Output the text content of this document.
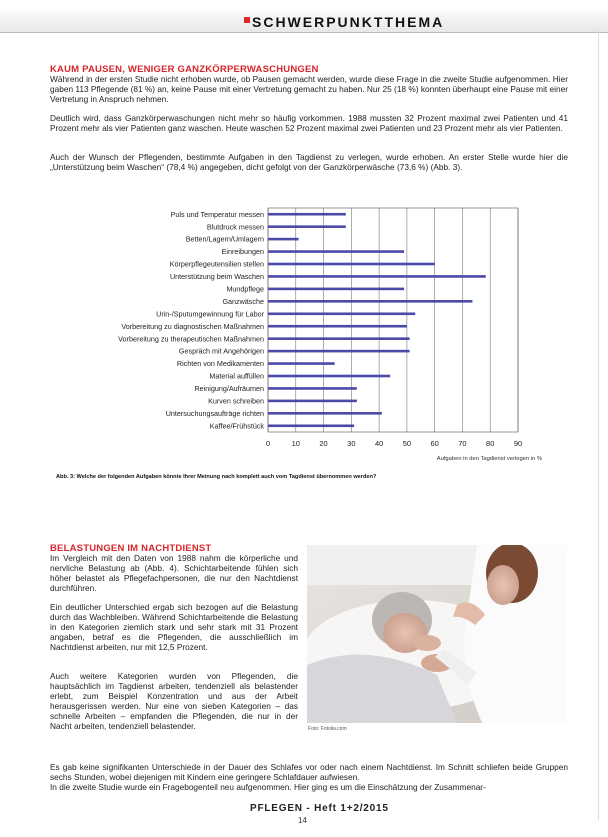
SCHWERPUNKTTHEMA
KAUM PAUSEN, WENIGER GANZKÖRPERWASCHUNGEN

Während in der ersten Studie nicht erhoben wurde, ob Pausen gemacht werden, wurde diese Frage in die zweite Studie aufgenommen. Hier gaben 113 Pflegende (81 %) an, keine Pause mit einer Vertretung gemacht zu haben. Nur 25 (18 %) konnten überhaupt eine Pause mit einer Vertretung in Anspruch nehmen.

Deutlich wird, dass Ganzkörperwaschungen nicht mehr so häufig vorkommen. 1988 mussten 32 Prozent maximal zwei Patienten und 41 Prozent mehr als vier Patienten ganz waschen. Heute waschen 52 Prozent maximal zwei Patienten und 23 Prozent mehr als vier Patienten.

Auch der Wunsch der Pflegenden, bestimmte Aufgaben in den Tagdienst zu verlegen, wurde erhoben. An erster Stelle wurde hier die „Unterstützung beim Waschen“ (78,4 %) angegeben, dicht gefolgt von der Ganzkörperwäsche (73,6 %) (Abb. 3).

0	10	20	30	40	50	60	70	80	90
Puls und Temperatur messen
Blutdruck messen
Betten/Lagern/Umlagern
Einreibungen
Körperpflegeutensilien stellen
Unterstützung beim Waschen
Mundpflege
Ganzwäsche
Urin-/Sputumgewinnung für Labor
Vorbereitung zu diagnostischen Maßnahmen
Vorbereitung zu therapeutischen Maßnahmen
Gespräch mit Angehörigen
Richten von Medikamenten
Material auffüllen
Reinigung/Aufräumen
Kurven schreiben
Untersuchungsaufträge richten
Kaffee/Frühstück
Aufgaben in den Tagdienst verlegen in %
Abb. 3: Welche der folgenden Aufgaben könnte Ihrer Meinung nach komplett auch vom Tagdienst übernommen werden?
BELASTUNGEN IM NACHTDIENST

Im Vergleich mit den Daten von 1988 nahm die körperliche und nervliche Belastung ab (Abb. 4). Schichtarbeitende fühlen sich höher belastet als Pflegefachpersonen, die nur den Nachtdienst durchführen.

Ein deutlicher Unterschied ergab sich bezogen auf die Belastung durch das Wachbleiben. Während Schichtarbeitende die Belastung in den Kategorien ziemlich stark und sehr stark mit 31 Prozent angaben, betraf es die Pflegenden, die ausschließlich im Nachtdienst arbeiten, nur mit 12,5 Prozent.

Auch weitere Kategorien wurden von Pflegenden, die hauptsächlich im Tagdienst arbeiten, tendenziell als belastender erlebt, zum Beispiel Konzentration und aus der Arbeit herausgerissen werden. Nur eine von sieben Kategorien – das schnelle Arbeiten – empfanden die Pflegenden, die nur in der Nacht arbeiten, tendenziell belastender.

Es gab keine signifikanten Unterschiede in der Dauer des Schlafes vor oder nach einem Nachtdienst. Im Schnitt schliefen beide Gruppen sechs Stunden, wobei diejenigen mit Kindern eine geringere Schlafdauer aufwiesen.

In die zweite Studie wurde ein Fragebogenteil neu aufgenommen. Hier ging es um die Einschätzung der Zusammenar-

Foto: Fotolia.com
PFLEGEN - Heft 1+2/2015
14
